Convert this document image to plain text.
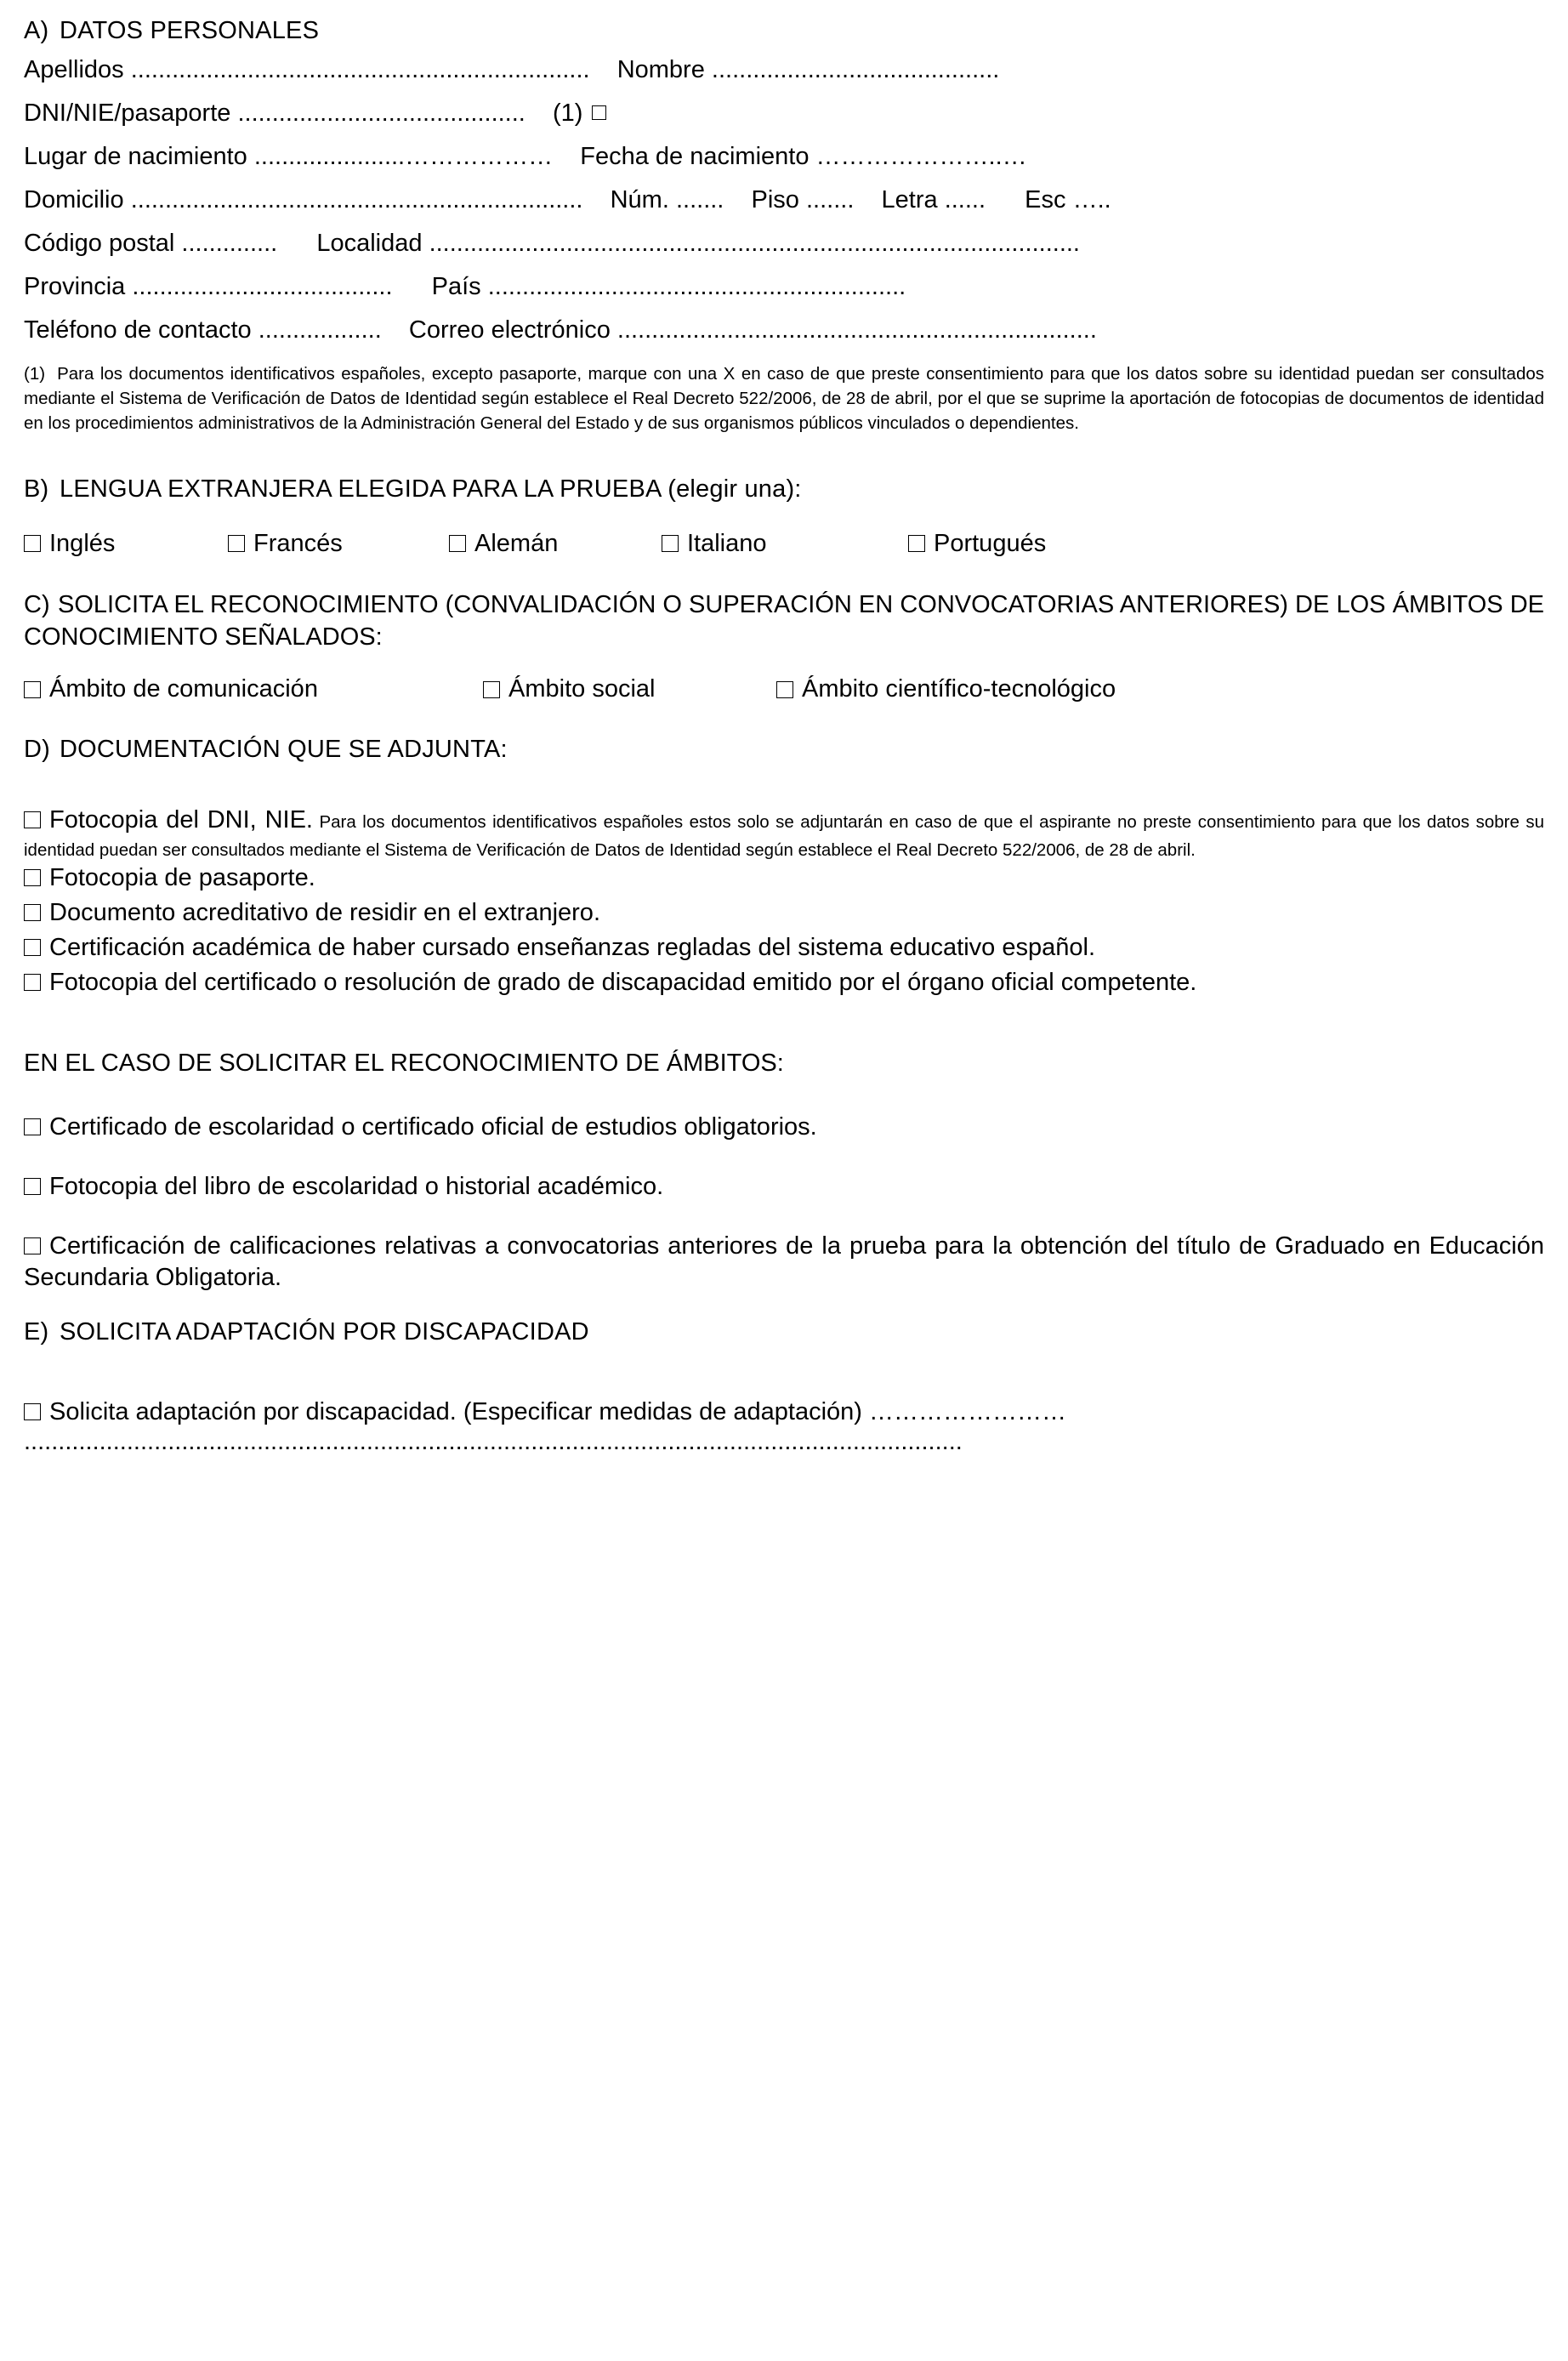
A) DATOS PERSONALES
Apellidos ................................................................... Nombre ..........................................
DNI/NIE/pasaporte .......................................... (1)
Lugar de nacimiento ......................……………… Fecha de nacimiento …………………..…
Domicilio .................................................................. Núm. ....... Piso ....... Letra ...... Esc …..
Código postal .............. Localidad ...............................................................................................
Provincia ...................................... País .............................................................
Teléfono de contacto .................. Correo electrónico ......................................................................

(1) Para los documentos identificativos españoles, excepto pasaporte, marque con una X en caso de que preste consentimiento para que los datos sobre su identidad puedan ser consultados mediante el Sistema de Verificación de Datos de Identidad según establece el Real Decreto 522/2006, de 28 de abril, por el que se suprime la aportación de fotocopias de documentos de identidad en los procedimientos administrativos de la Administración General del Estado y de sus organismos públicos vinculados o dependientes.

B) LENGUA EXTRANJERA ELEGIDA PARA LA PRUEBA (elegir una):
Inglés	Francés	Alemán	Italiano	Portugués

C) SOLICITA EL RECONOCIMIENTO (CONVALIDACIÓN O SUPERACIÓN EN CONVOCATORIAS ANTERIORES) DE LOS ÁMBITOS DE CONOCIMIENTO SEÑALADOS:

Ámbito de comunicación	Ámbito social	Ámbito científico-tecnológico
D) DOCUMENTACIÓN QUE SE ADJUNTA:

Fotocopia del DNI, NIE. Para los documentos identificativos españoles estos solo se adjuntarán en caso de que el aspirante no preste consentimiento para que los datos sobre su identidad puedan ser consultados mediante el Sistema de Verificación de Datos de Identidad según establece el Real Decreto 522/2006, de 28 de abril.

Fotocopia de pasaporte.

Documento acreditativo de residir en el extranjero.

Certificación académica de haber cursado enseñanzas regladas del sistema educativo español.

Fotocopia del certificado o resolución de grado de discapacidad emitido por el órgano oficial competente.

EN EL CASO DE SOLICITAR EL RECONOCIMIENTO DE ÁMBITOS:

Certificado de escolaridad o certificado oficial de estudios obligatorios.

Fotocopia del libro de escolaridad o historial académico.

Certificación de calificaciones relativas a convocatorias anteriores de la prueba para la obtención del título de Graduado en Educación Secundaria Obligatoria.

E) SOLICITA ADAPTACIÓN POR DISCAPACIDAD

Solicita adaptación por discapacidad. (Especificar medidas de adaptación) ……………………

.........................................................................................................................................
